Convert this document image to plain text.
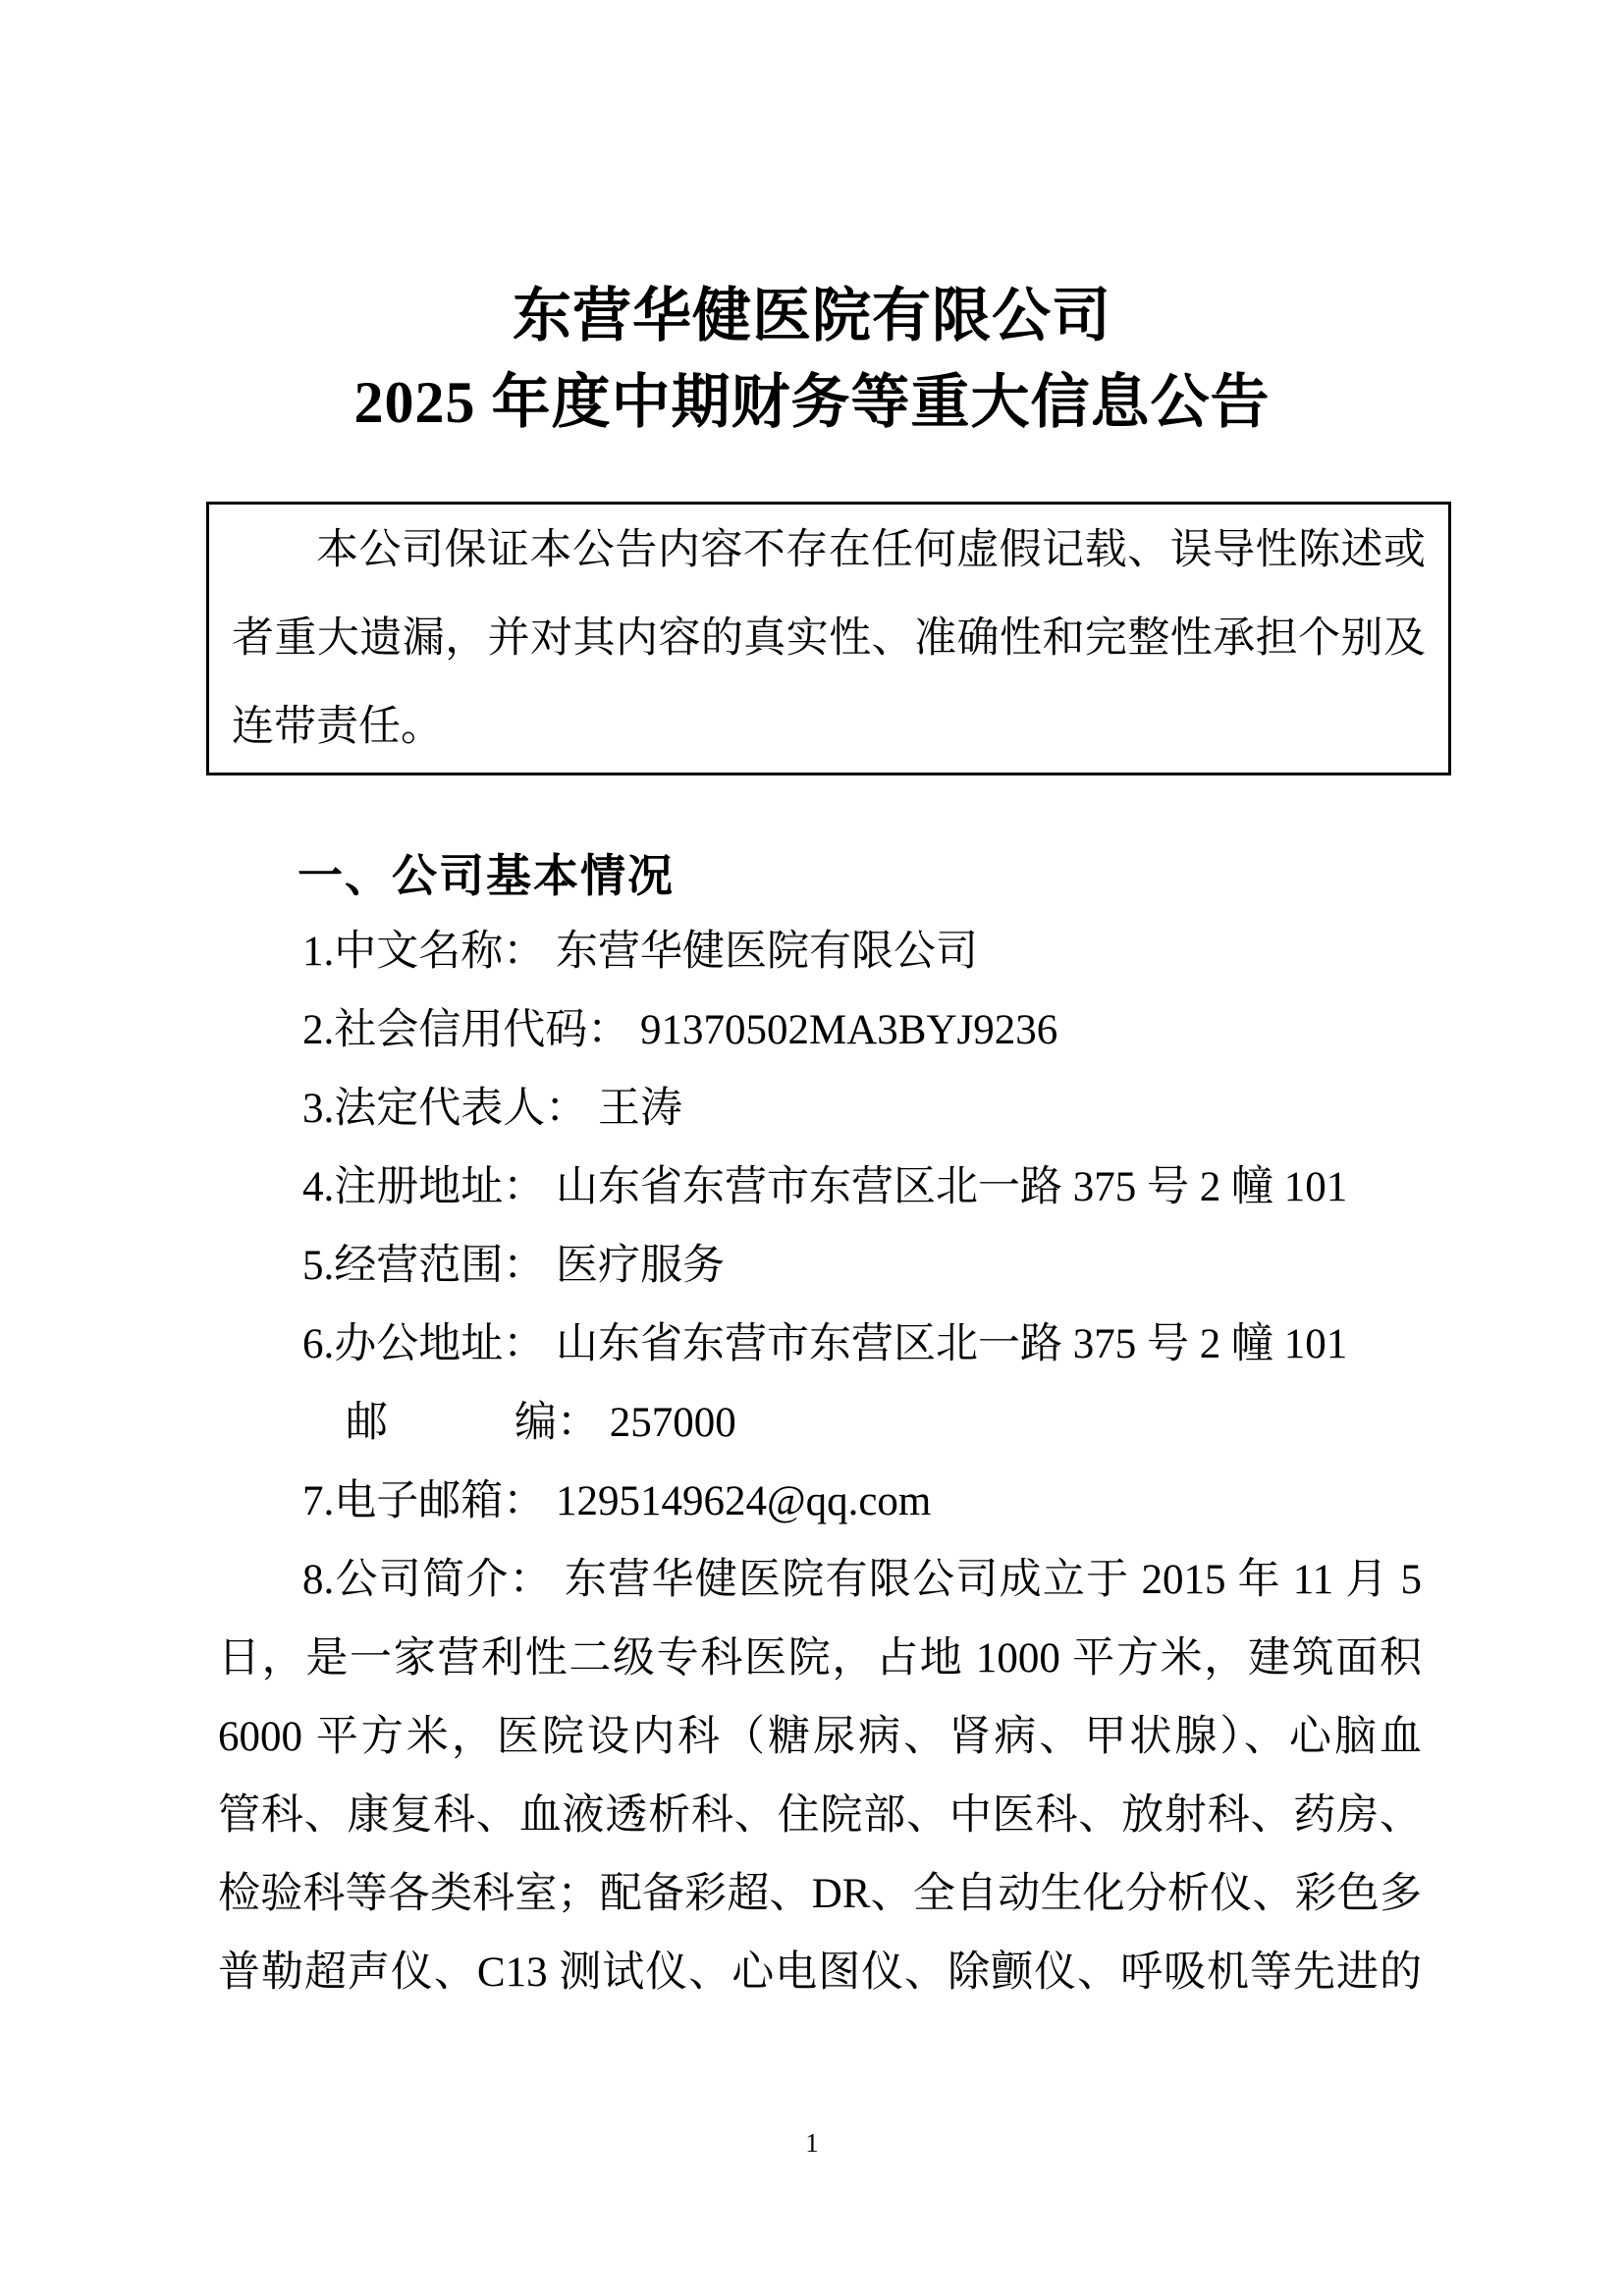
东营华健医院有限公司
2025 年度中期财务等重大信息公告
本公司保证本公告内容不存在任何虚假记载、误导性陈述或
者重大遗漏，并对其内容的真实性、准确性和完整性承担个别及
连带责任。
一、公司基本情况
1.中文名称： 东营华健医院有限公司
2.社会信用代码： 91370502MA3BYJ9236
3.法定代表人： 王涛
4.注册地址： 山东省东营市东营区北一路 375 号 2 幢 101
5.经营范围： 医疗服务
6.办公地址： 山东省东营市东营区北一路 375 号 2 幢 101
邮　　　编： 257000
7.电子邮箱： 1295149624@qq.com
8.公司简介： 东营华健医院有限公司成立于 2015 年 11 月 5
日，是一家营利性二级专科医院，占地 1000 平方米，建筑面积
6000 平方米，医院设内科（糖尿病、肾病、甲状腺）、心脑血
管科、康复科、血液透析科、住院部、中医科、放射科、药房、
检验科等各类科室；配备彩超、DR、全自动生化分析仪、彩色多
普勒超声仪、C13 测试仪、心电图仪、除颤仪、呼吸机等先进的
1
